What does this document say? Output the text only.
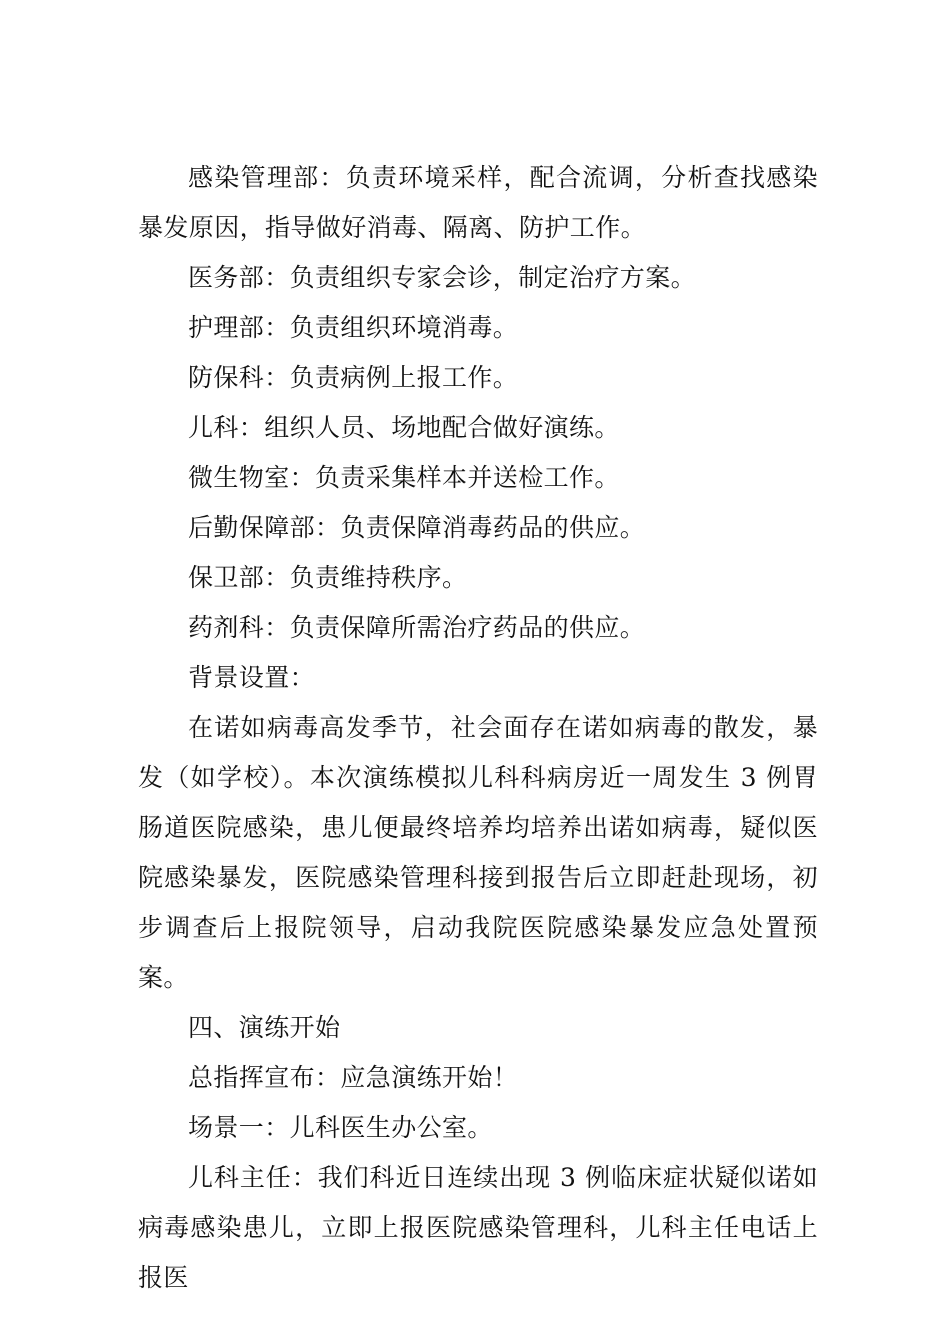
感染管理部：负责环境采样，配合流调，分析查找感染暴发原因，指导做好消毒、隔离、防护工作。

医务部：负责组织专家会诊，制定治疗方案。

护理部：负责组织环境消毒。

防保科：负责病例上报工作。

儿科：组织人员、场地配合做好演练。

微生物室：负责采集样本并送检工作。

后勤保障部：负责保障消毒药品的供应。

保卫部：负责维持秩序。

药剂科：负责保障所需治疗药品的供应。

背景设置：

在诺如病毒高发季节，社会面存在诺如病毒的散发，暴发（如学校）。本次演练模拟儿科科病房近一周发生 3 例胃肠道医院感染，患儿便最终培养均培养出诺如病毒，疑似医院感染暴发，医院感染管理科接到报告后立即赶赴现场，初步调查后上报院领导，启动我院医院感染暴发应急处置预案。

四、演练开始

总指挥宣布：应急演练开始！

场景一：儿科医生办公室。

儿科主任：我们科近日连续出现 3 例临床症状疑似诺如病毒感染患儿，立即上报医院感染管理科，儿科主任电话上报医
